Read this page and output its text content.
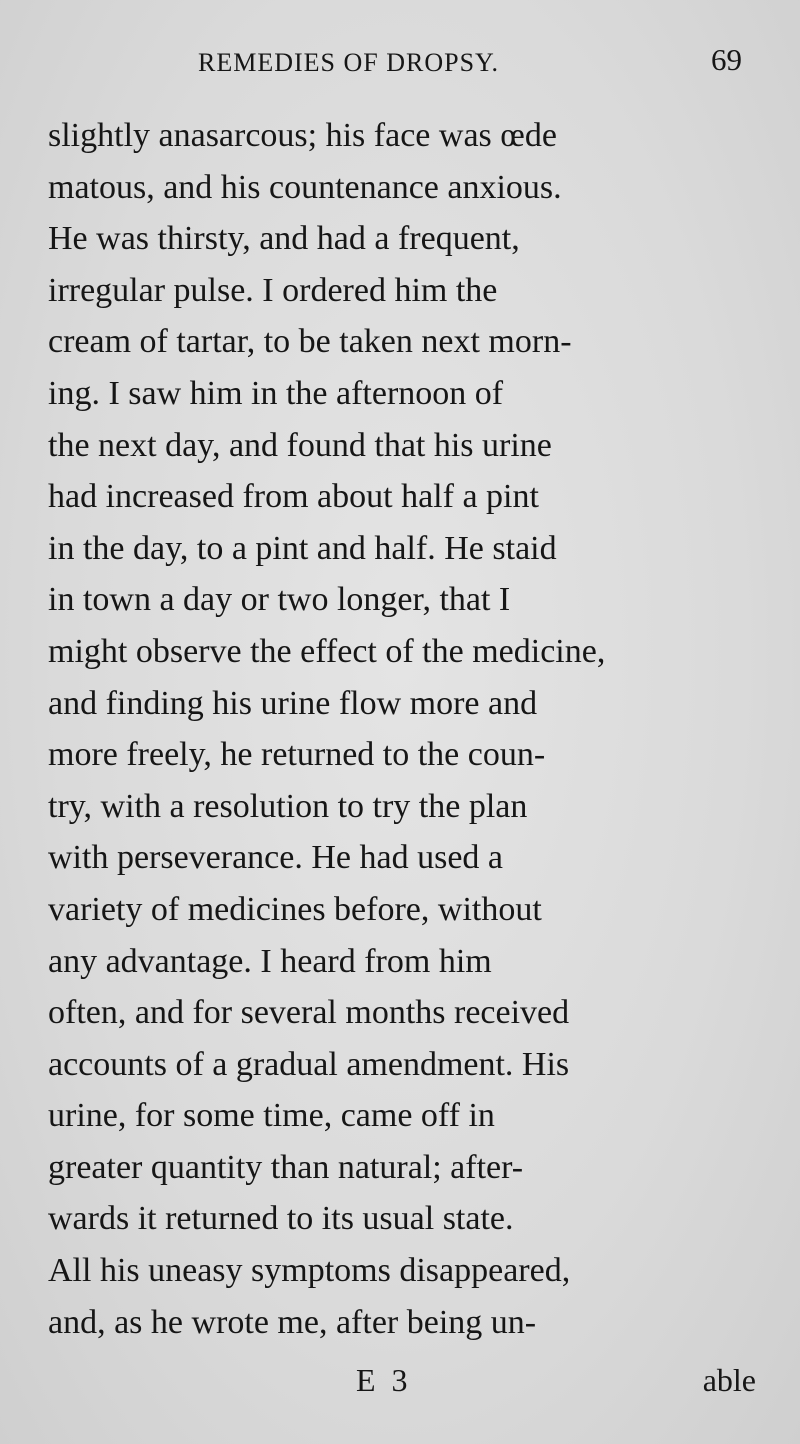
REMEDIES OF DROPSY.	69
slightly anasarcous; his face was œde
matous, and his countenance anxious.
He was thirsty, and had a frequent,
irregular pulse. I ordered him the
cream of tartar, to be taken next morn-
ing. I saw him in the afternoon of
the next day, and found that his urine
had increased from about half a pint
in the day, to a pint and half. He staid
in town a day or two longer, that I
might observe the effect of the medicine,
and finding his urine flow more and
more freely, he returned to the coun-
try, with a resolution to try the plan
with perseverance. He had used a
variety of medicines before, without
any advantage. I heard from him
often, and for several months received
accounts of a gradual amendment. His
urine, for some time, came off in
greater quantity than natural; after-
wards it returned to its usual state.
All his uneasy symptoms disappeared,
and, as he wrote me, after being un-
E 3	able
